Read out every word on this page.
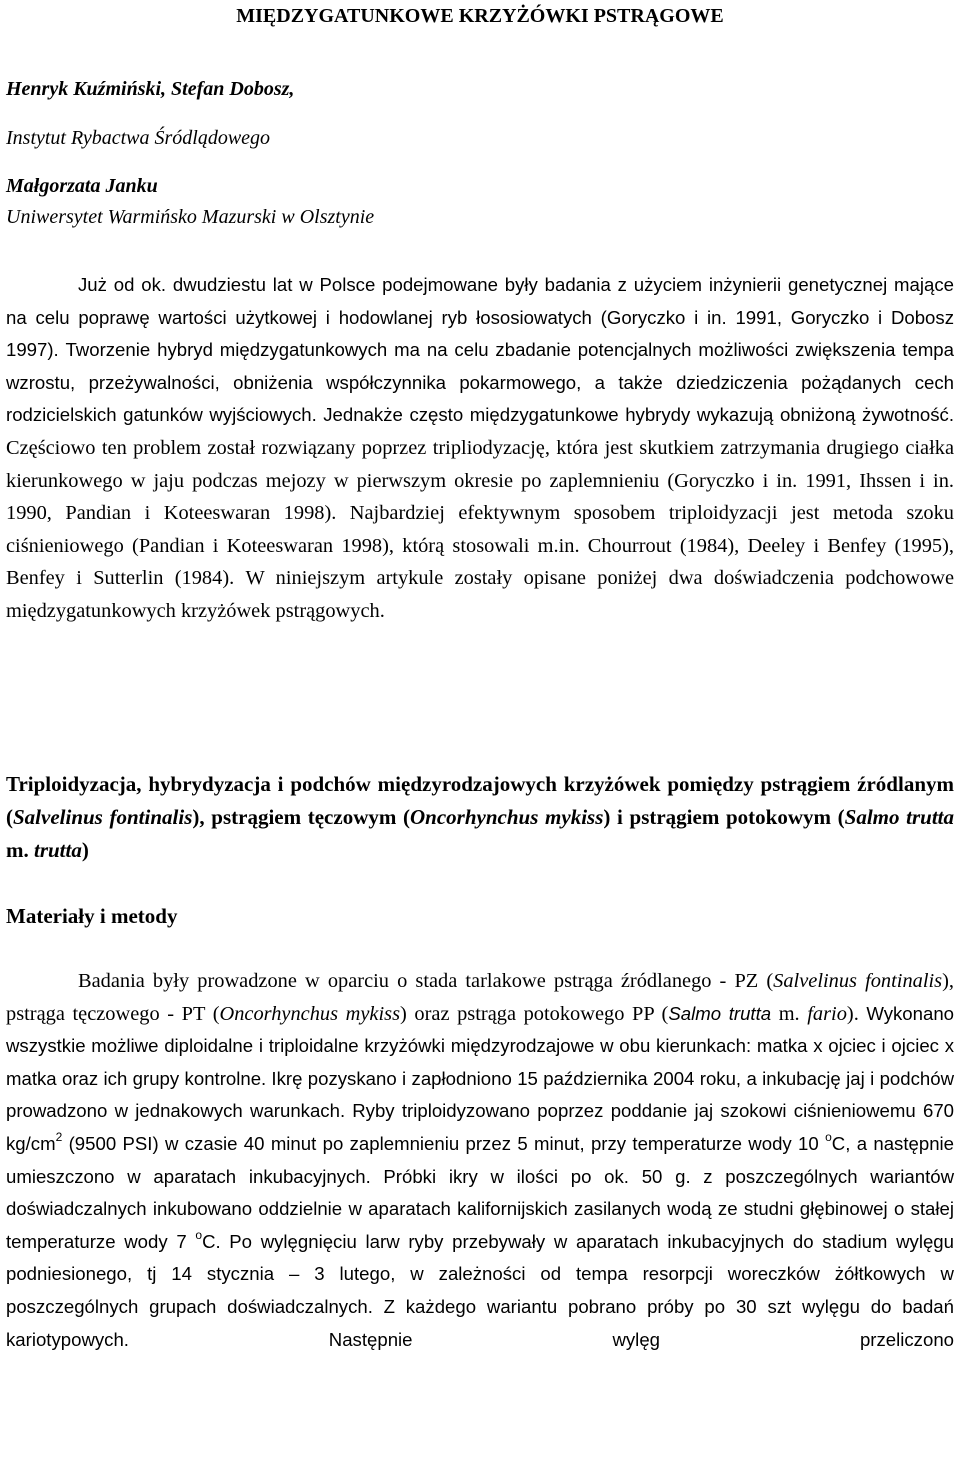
MIĘDZYGATUNKOWE KRZYŻÓWKI PSTRĄGOWE
Henryk Kuźmiński, Stefan Dobosz,
Instytut Rybactwa Śródlądowego
Małgorzata Janku
Uniwersytet Warmińsko Mazurski w Olsztynie
Już od ok. dwudziestu lat w Polsce podejmowane były badania z użyciem inżynierii genetycznej mające na celu poprawę wartości użytkowej i hodowlanej ryb łososiowatych (Goryczko i in. 1991, Goryczko i Dobosz 1997). Tworzenie hybryd międzygatunkowych ma na celu zbadanie potencjalnych możliwości zwiększenia tempa wzrostu, przeżywalności, obniżenia współczynnika pokarmowego, a także dziedziczenia pożądanych cech rodzicielskich gatunków wyjściowych. Jednakże często międzygatunkowe hybrydy wykazują obniżoną żywotność. Częściowo ten problem został rozwiązany poprzez tripliodyzację, która jest skutkiem zatrzymania drugiego ciałka kierunkowego w jaju podczas mejozy w pierwszym okresie po zaplemnieniu (Goryczko i in. 1991, Ihssen i in. 1990, Pandian i Koteeswaran 1998). Najbardziej efektywnym sposobem triploidyzacji jest metoda szoku ciśnieniowego (Pandian i Koteeswaran 1998), którą stosowali m.in. Chourrout (1984), Deeley i Benfey (1995), Benfey i Sutterlin (1984). W niniejszym artykule zostały opisane poniżej dwa doświadczenia podchowowe międzygatunkowych krzyżówek pstrągowych.
Triploidyzacja, hybrydyzacja i podchów międzyrodzajowych krzyżówek pomiędzy pstrągiem źródlanym (Salvelinus fontinalis), pstrągiem tęczowym (Oncorhynchus mykiss) i pstrągiem potokowym (Salmo trutta m. trutta)
Materiały i metody
Badania były prowadzone w oparciu o stada tarlakowe pstrąga źródlanego - PZ (Salvelinus fontinalis), pstrąga tęczowego - PT (Oncorhynchus mykiss) oraz pstrąga potokowego PP (Salmo trutta m. fario). Wykonano wszystkie możliwe diploidalne i triploidalne krzyżówki międzyrodzajowe w obu kierunkach: matka x ojciec i ojciec x matka oraz ich grupy kontrolne. Ikrę pozyskano i zapłodniono 15 października 2004 roku, a inkubację jaj i podchów prowadzono w jednakowych warunkach. Ryby triploidyzowano poprzez poddanie jaj szokowi ciśnieniowemu 670 $kg/cm^2$ (9500 PSI) w czasie 40 minut po zaplemnieniu przez 5 minut, przy temperaturze wody 10 $^o$C, a następnie umieszczono w aparatach inkubacyjnych. Próbki ikry w ilości po ok. 50 g. z poszczególnych wariantów doświadczalnych inkubowano oddzielnie w aparatach kalifornijskich zasilanych wodą ze studni głębinowej o stałej temperaturze wody 7 $^o$C. Po wylęgnięciu larw ryby przebywały w aparatach inkubacyjnych do stadium wylęgu podniesionego, tj 14 stycznia – 3 lutego, w zależności od tempa resorpcji woreczków żółtkowych w poszczególnych grupach doświadczalnych. Z każdego wariantu pobrano próby po 30 szt wylęgu do badań kariotypowych.	Następnie wylęg przeliczono
